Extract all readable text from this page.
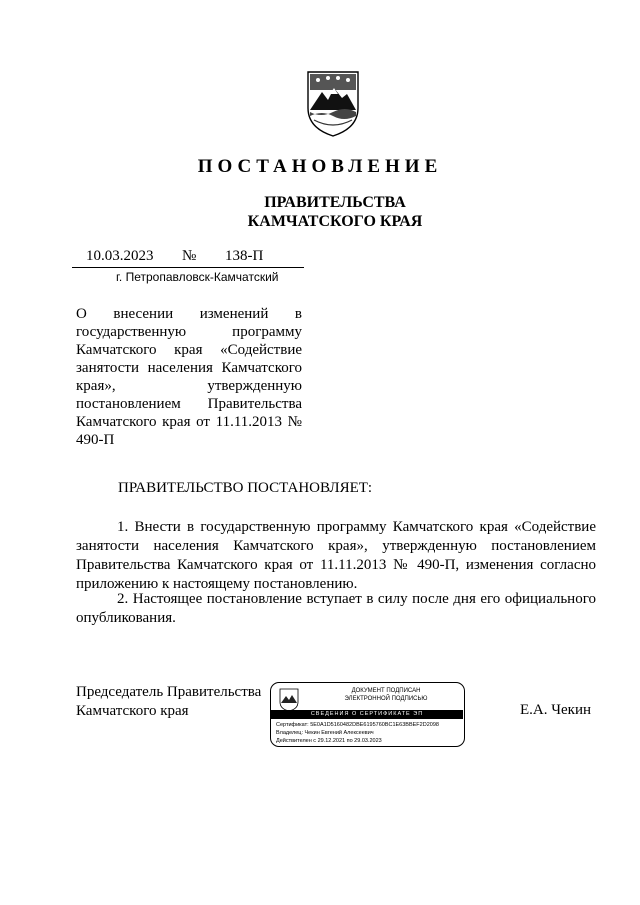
ПОСТАНОВЛЕНИЕ
ПРАВИТЕЛЬСТВА
КАМЧАТСКОГО КРАЯ
10.03.2023 № 138-П
г. Петропавловск-Камчатский
О внесении изменений в государственную программу Камчатского края «Содействие занятости населения Камчатского края», утвержденную постановлением Правительства Камчатского края от 11.11.2013 № 490-П
ПРАВИТЕЛЬСТВО ПОСТАНОВЛЯЕТ:
1. Внести в государственную программу Камчатского края «Содействие занятости населения Камчатского края», утвержденную постановлением Правительства Камчатского края от 11.11.2013 № 490-П, изменения согласно приложению к настоящему постановлению.
2. Настоящее постановление вступает в силу после дня его официального опубликования.
Председатель Правительства
Камчатского края	Е.А. Чекин
ДОКУМЕНТ ПОДПИСАН
ЭЛЕКТРОННОЙ ПОДПИСЬЮ
СВЕДЕНИЯ О СЕРТИФИКАТЕ ЭП
Сертификат: 5E0A1D5160482DBE6195760BC1E63BBEF2D2098
Владелец: Чекин Евгений Алексеевич
Действителен с 29.12.2021 по 29.03.2023
